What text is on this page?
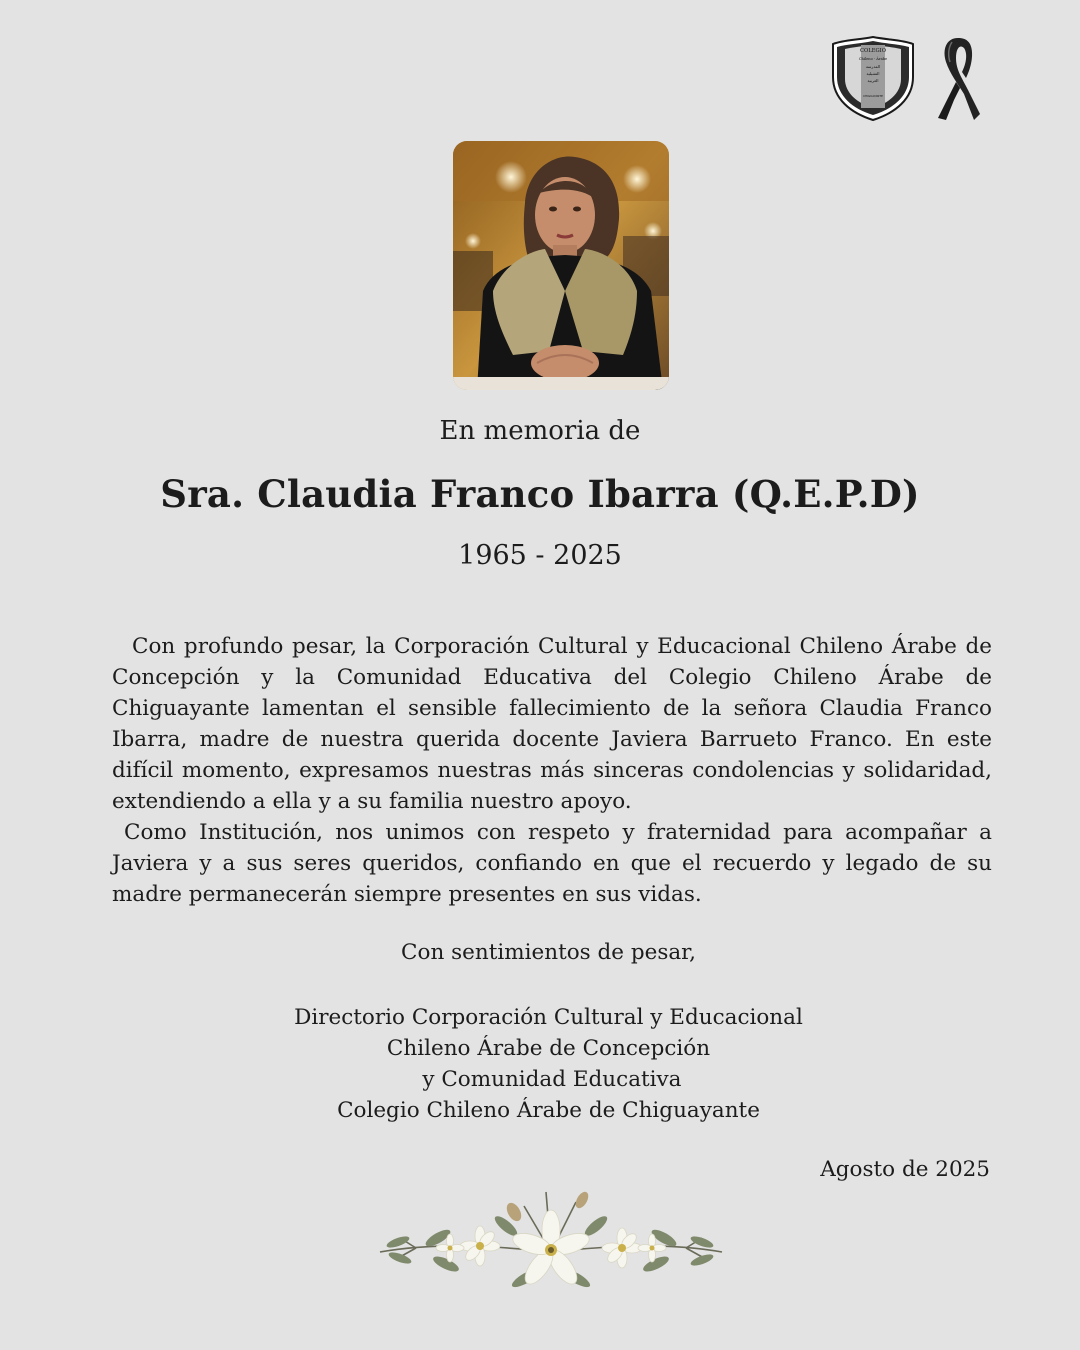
COLEGIO
Chileno - Árabe
المدرسة
التشيلية
العربية
CHIGUAYANTE
En memoria de
Sra. Claudia Franco Ibarra (Q.E.P.D)
1965 - 2025

Con profundo pesar, la Corporación Cultural y Educacional Chileno Árabe de Concepción y la Comunidad Educativa del Colegio Chileno Árabe de Chiguayante lamentan el sensible fallecimiento de la señora Claudia Franco Ibarra, madre de nuestra querida docente Javiera Barrueto Franco. En este difícil momento, expresamos nuestras más sinceras condolencias y solidaridad, extendiendo a ella y a su familia nuestro apoyo.

Como Institución, nos unimos con respeto y fraternidad para acompañar a Javiera y a sus seres queridos, confiando en que el recuerdo y legado de su madre permanecerán siempre presentes en sus vidas.

Con sentimientos de pesar,
Directorio Corporación Cultural y Educacional
Chileno Árabe de Concepción
y Comunidad Educativa
Colegio Chileno Árabe de Chiguayante
Agosto de 2025
